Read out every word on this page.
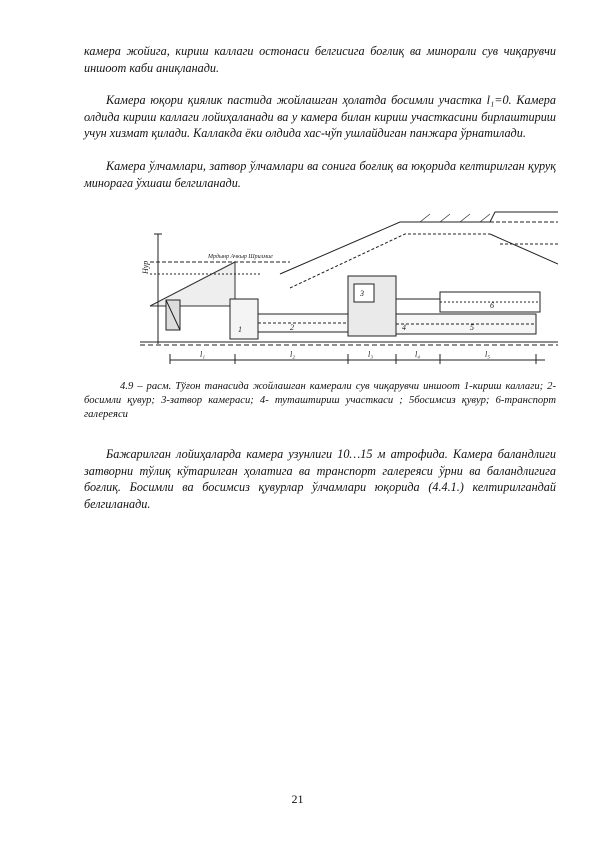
камера жойига, кириш каллаги остонаси белгисига боғлиқ ва минорали сув чиқарувчи иншоот каби аниқланади.

Камера юқори қиялик пастида жойлашган ҳолатда босимли участка l₁=0. Камера олдида кириш каллаги лойиҳаланади ва у камера билан кириш участкасини бирлаштириш учун хизмат қилади. Каллакда ёки олдида хас-чўп ушлайдиган панжара ўрнатилади.

Камера ўлчамлари, затвор ўлчамлари ва сонига боғлиқ ва юқорида келтирилган қуруқ минорага ўхшаш белгиланади.

Нур
Мрдынр Ачкыр Шрилмие
l₁	l₂	l₃	l₄	l₅
1	2
3
4	5
6

4.9 – расм. Тўғон танасида жойлашган камерали сув чиқарувчи иншоот 1-кириш каллаги; 2-босимли қувур; 3-затвор камераси; 4- туташтириш участкаси ; 5босимсиз қувур; 6-транспорт галереяси

Бажарилган лойиҳаларда камера узунлиги 10…15 м атрофида. Камера баландлиги затворни тўлиқ кўтарилган ҳолатига ва транспорт галереяси ўрни ва баландлигига боғлиқ. Босимли ва босимсиз қувурлар ўлчамлари юқорида (4.4.1.) келтирилгандай белгиланади.

21
